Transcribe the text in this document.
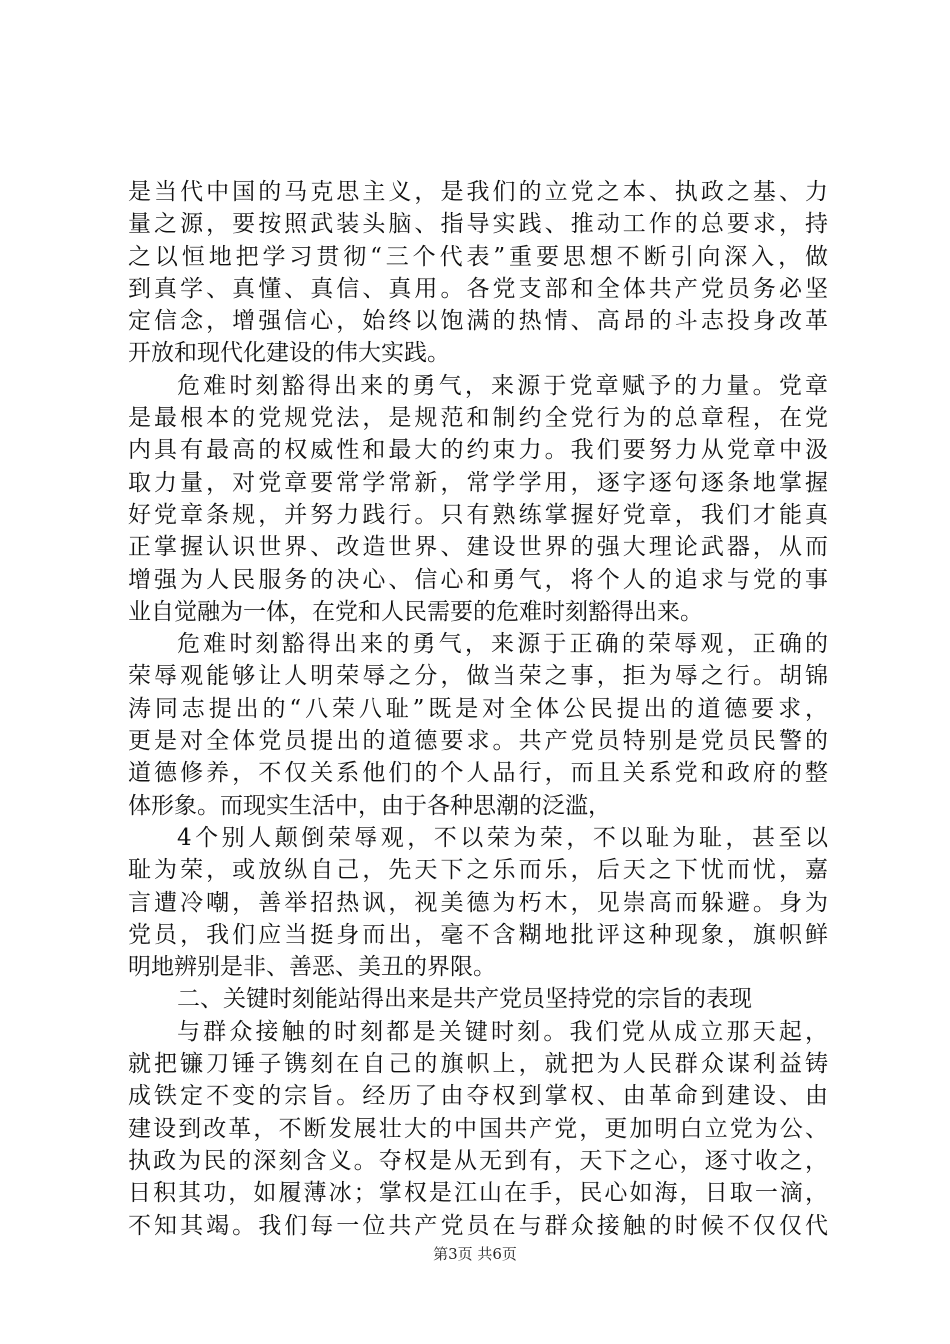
是当代中国的马克思主义，是我们的立党之本、执政之基、力
量之源，要按照武装头脑、指导实践、推动工作的总要求，持
之以恒地把学习贯彻“三个代表”重要思想不断引向深入，做
到真学、真懂、真信、真用。各党支部和全体共产党员务必坚
定信念，增强信心，始终以饱满的热情、高昂的斗志投身改革
开放和现代化建设的伟大实践。
危难时刻豁得出来的勇气，来源于党章赋予的力量。党章
是最根本的党规党法，是规范和制约全党行为的总章程，在党
内具有最高的权威性和最大的约束力。我们要努力从党章中汲
取力量，对党章要常学常新，常学学用，逐字逐句逐条地掌握
好党章条规，并努力践行。只有熟练掌握好党章，我们才能真
正掌握认识世界、改造世界、建设世界的强大理论武器，从而
增强为人民服务的决心、信心和勇气，将个人的追求与党的事
业自觉融为一体，在党和人民需要的危难时刻豁得出来。
危难时刻豁得出来的勇气，来源于正确的荣辱观，正确的
荣辱观能够让人明荣辱之分，做当荣之事，拒为辱之行。胡锦
涛同志提出的“八荣八耻”既是对全体公民提出的道德要求，
更是对全体党员提出的道德要求。共产党员特别是党员民警的
道德修养，不仅关系他们的个人品行，而且关系党和政府的整
体形象。而现实生活中，由于各种思潮的泛滥，
4个别人颠倒荣辱观，不以荣为荣，不以耻为耻，甚至以
耻为荣，或放纵自己，先天下之乐而乐，后天之下忧而忧，嘉
言遭冷嘲，善举招热讽，视美德为朽木，见崇高而躲避。身为
党员，我们应当挺身而出，毫不含糊地批评这种现象，旗帜鲜
明地辨别是非、善恶、美丑的界限。
二、关键时刻能站得出来是共产党员坚持党的宗旨的表现
与群众接触的时刻都是关键时刻。我们党从成立那天起，
就把镰刀锤子镌刻在自己的旗帜上，就把为人民群众谋利益铸
成铁定不变的宗旨。经历了由夺权到掌权、由革命到建设、由
建设到改革，不断发展壮大的中国共产党，更加明白立党为公、
执政为民的深刻含义。夺权是从无到有，天下之心，逐寸收之，
日积其功，如履薄冰；掌权是江山在手，民心如海，日取一滴，
不知其竭。我们每一位共产党员在与群众接触的时候不仅仅代
第3页 共6页
